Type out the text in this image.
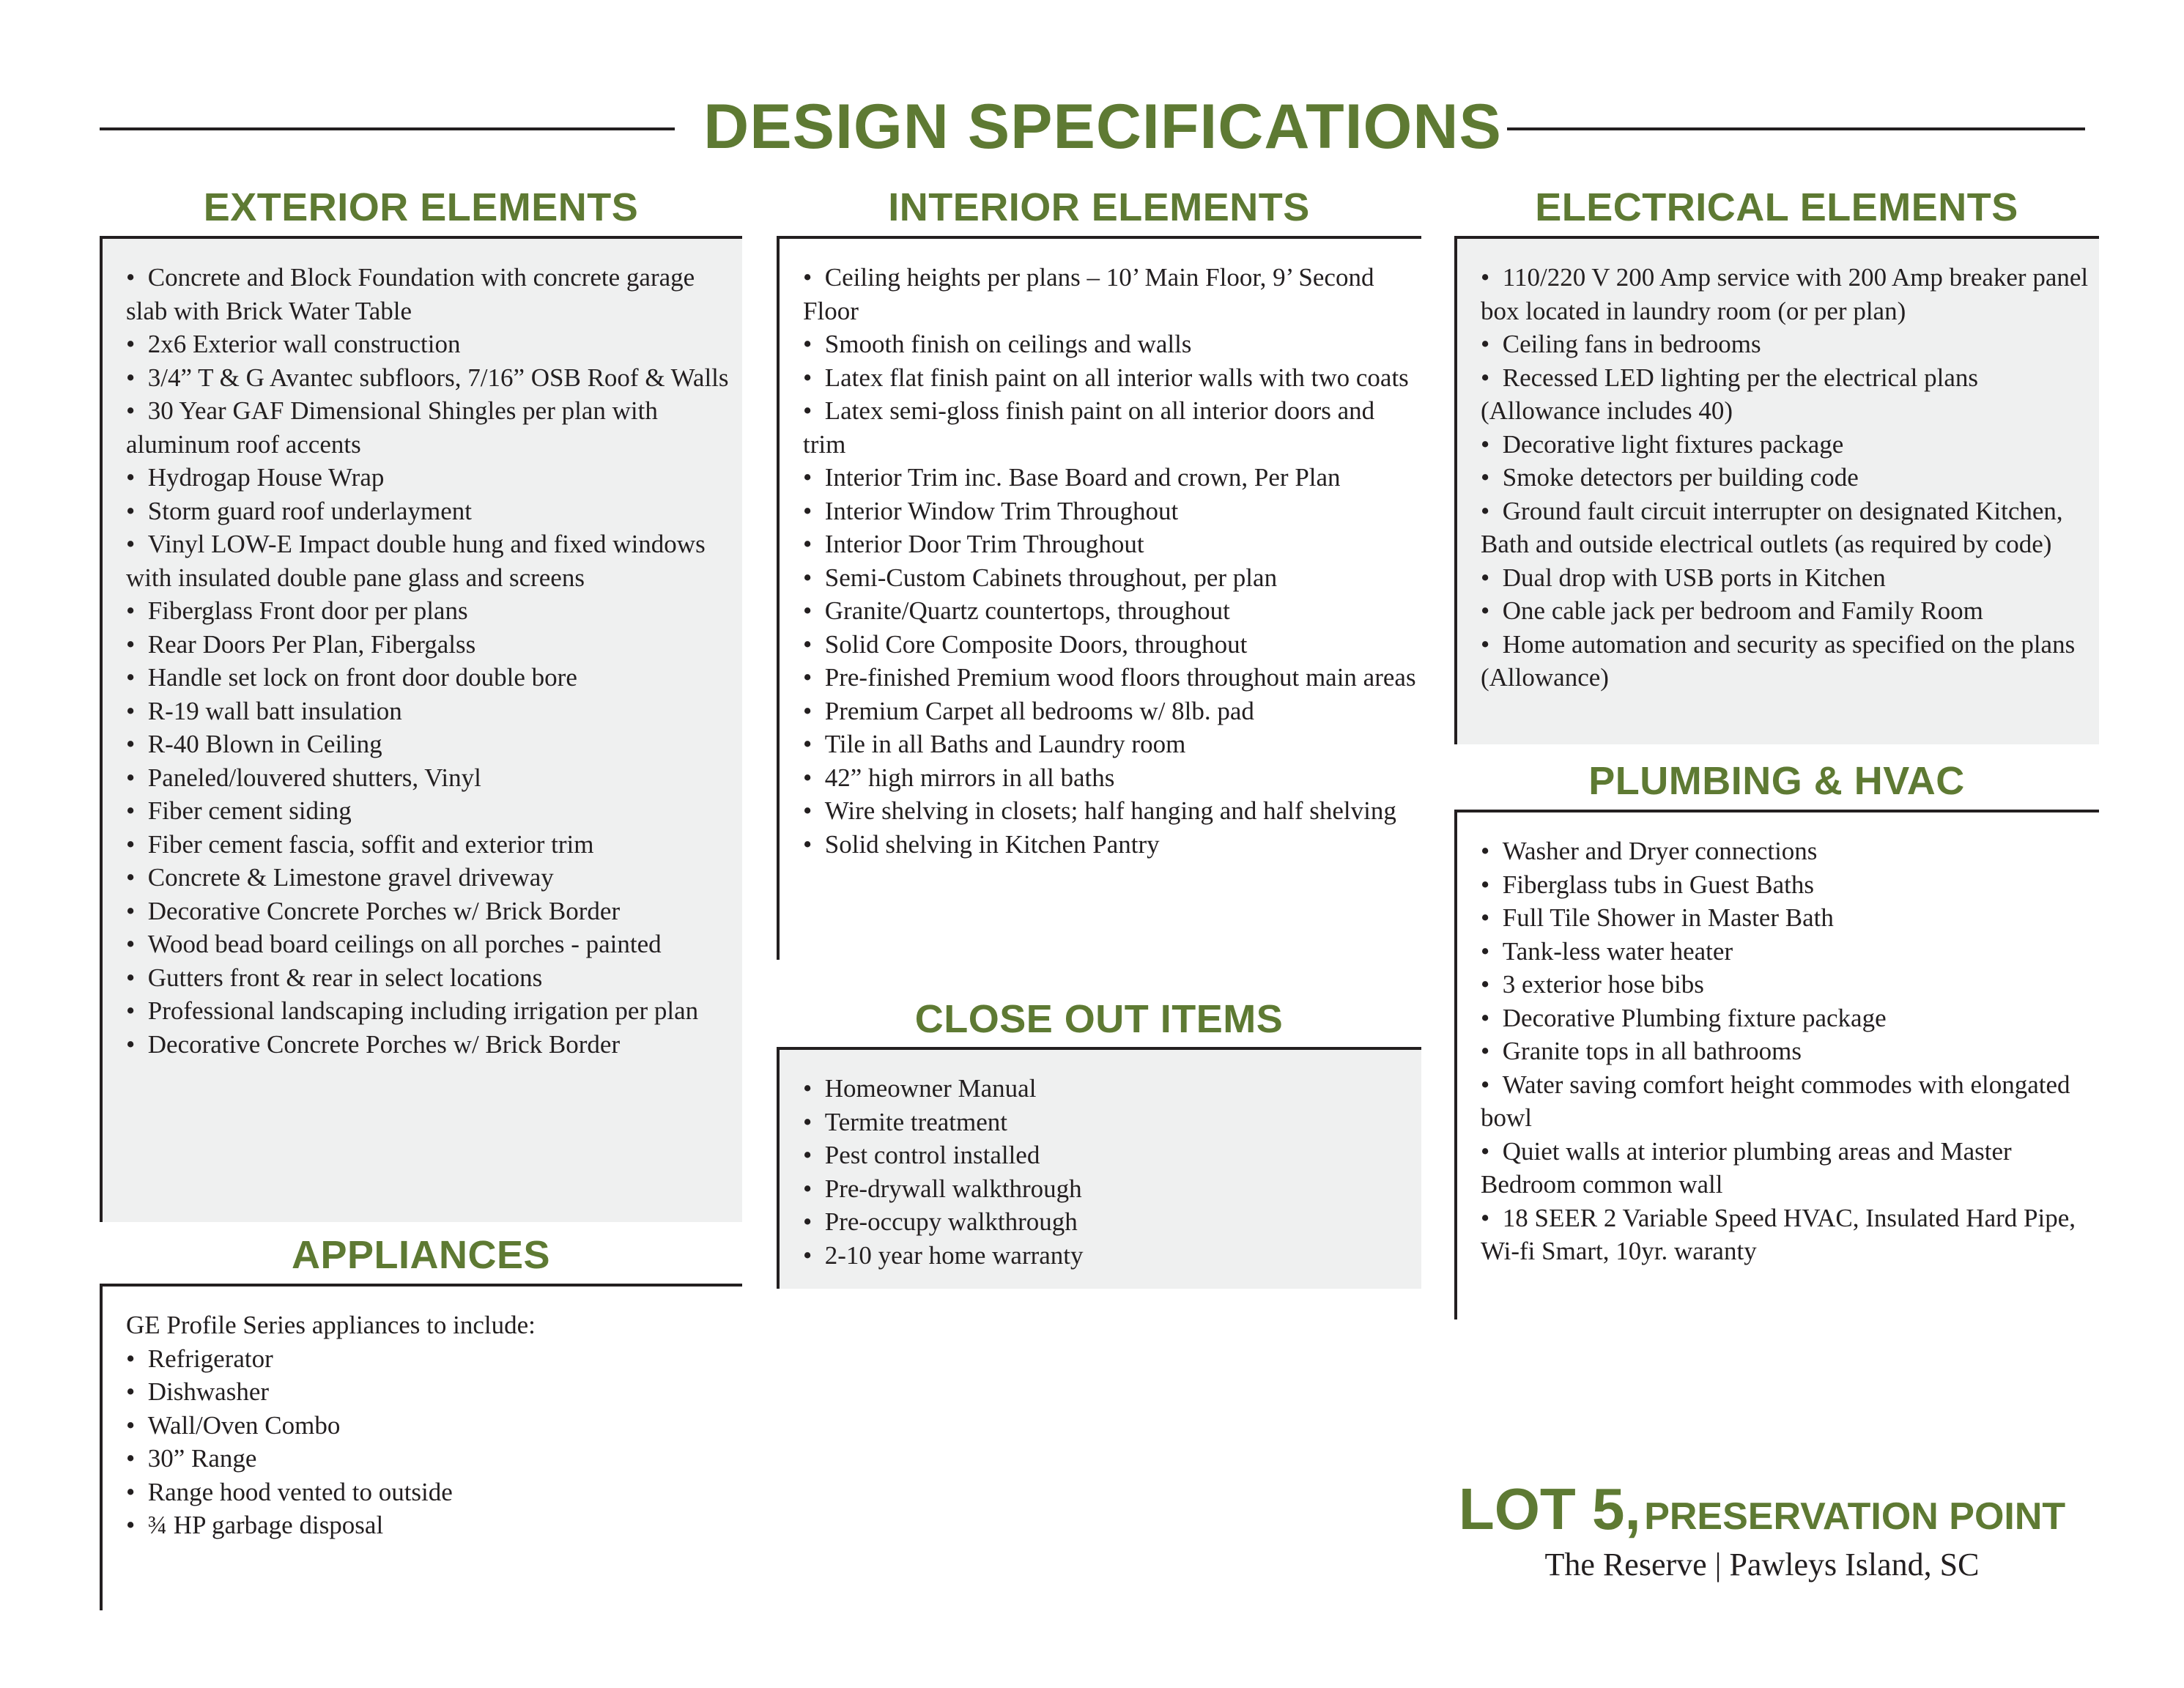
DESIGN SPECIFICATIONS
EXTERIOR ELEMENTS
•  Concrete and Block Foundation with concrete garage slab with Brick Water Table
•  2x6 Exterior wall construction
•  3/4” T & G Avantec subfloors, 7/16” OSB Roof & Walls
•  30 Year GAF Dimensional Shingles per plan with aluminum roof accents
•  Hydrogap House Wrap
•  Storm guard roof underlayment
•  Vinyl LOW-E Impact double hung and fixed windows with insulated double pane glass and screens
•  Fiberglass Front door per plans
•  Rear Doors Per Plan, Fibergalss
•  Handle set lock on front door double bore
•  R-19 wall batt insulation
•  R-40 Blown in Ceiling
•  Paneled/louvered shutters, Vinyl
•  Fiber cement siding
•  Fiber cement fascia, soffit and exterior trim
•  Concrete & Limestone gravel driveway
•  Decorative Concrete Porches w/ Brick Border
•  Wood bead board ceilings on all porches - painted
•  Gutters front & rear in select locations
•  Professional landscaping including irrigation per plan
•  Decorative Concrete Porches w/ Brick Border
INTERIOR ELEMENTS
•  Ceiling heights per plans – 10’ Main Floor, 9’ Second Floor
•  Smooth finish on ceilings and walls
•  Latex flat finish paint on all interior walls with two coats
•  Latex semi-gloss finish paint on all interior doors and trim
•  Interior Trim inc. Base Board and crown, Per Plan
•  Interior Window Trim Throughout
•  Interior Door Trim Throughout
•  Semi-Custom Cabinets throughout, per plan
•  Granite/Quartz countertops, throughout
•  Solid Core Composite Doors, throughout
•  Pre-finished Premium wood floors throughout main areas
•  Premium Carpet all bedrooms w/ 8lb. pad
•  Tile in all Baths and Laundry room
•  42” high mirrors in all baths
•  Wire shelving in closets; half hanging and half shelving
•  Solid shelving in Kitchen Pantry
ELECTRICAL ELEMENTS
•  110/220 V 200 Amp service with 200 Amp breaker panel box located in laundry room (or per plan)
•  Ceiling fans in bedrooms
•  Recessed LED lighting per the electrical plans (Allowance includes 40)
•  Decorative light fixtures package
•  Smoke detectors per building code
•  Ground fault circuit interrupter on designated Kitchen, Bath and outside electrical outlets (as required by code)
•  Dual drop with USB ports in Kitchen
•  One cable jack per bedroom and Family Room
•  Home automation and security as specified on the plans (Allowance)
PLUMBING & HVAC
•  Washer and Dryer connections
•  Fiberglass tubs in Guest Baths
•  Full Tile Shower in Master Bath
•  Tank-less water heater
•  3 exterior hose bibs
•  Decorative Plumbing fixture package
•  Granite tops in all bathrooms
•  Water saving comfort height commodes with elongated bowl
•  Quiet walls at interior plumbing areas and Master Bedroom common wall
•  18 SEER 2 Variable Speed HVAC, Insulated Hard Pipe, Wi-fi Smart, 10yr. waranty
CLOSE OUT ITEMS
•  Homeowner Manual
•  Termite treatment
•  Pest control installed
•  Pre-drywall walkthrough
•  Pre-occupy walkthrough
•  2-10 year home warranty
APPLIANCES

GE Profile Series appliances to include:

•  Refrigerator
•  Dishwasher
•  Wall/Oven Combo
•  30” Range
•  Range hood vented to outside
•  ¾ HP garbage disposal	LOT 5, PRESERVATION POINT
The Reserve | Pawleys Island, SC
